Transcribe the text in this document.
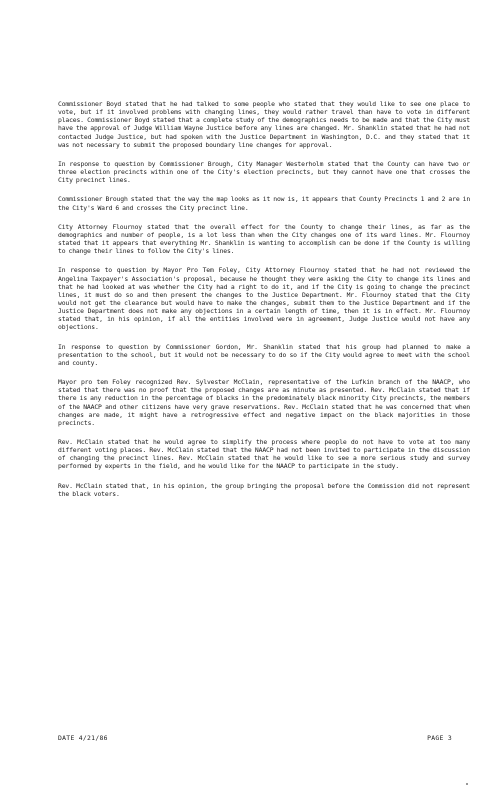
Commissioner Boyd stated that he had talked to some people who stated that they would like to see one place to vote, but if it involved problems with changing lines, they would rather travel than have to vote in different places. Commissioner Boyd stated that a complete study of the demographics needs to be made and that the City must have the approval of Judge William Wayne Justice before any lines are changed. Mr. Shanklin stated that he had not contacted Judge Justice, but had spoken with the Justice Department in Washington, D.C. and they stated that it was not necessary to submit the proposed boundary line changes for approval.

In response to question by Commissioner Brough, City Manager Westerholm stated that the County can have two or three election precincts within one of the City's election precincts, but they cannot have one that crosses the City precinct lines.

Commissioner Brough stated that the way the map looks as it now is, it appears that County Precincts 1 and 2 are in the City's Ward 6 and crosses the City precinct line.

City Attorney Flournoy stated that the overall effect for the County to change their lines, as far as the demographics and number of people, is a lot less than when the City changes one of its ward lines. Mr. Flournoy stated that it appears that everything Mr. Shanklin is wanting to accomplish can be done if the County is willing to change their lines to follow the City's lines.

In response to question by Mayor Pro Tem Foley, City Attorney Flournoy stated that he had not reviewed the Angelina Taxpayer's Association's proposal, because he thought they were asking the City to change its lines and that he had looked at was whether the City had a right to do it, and if the City is going to change the precinct lines, it must do so and then present the changes to the Justice Department. Mr. Flournoy stated that the City would not get the clearance but would have to make the changes, submit them to the Justice Department and if the Justice Department does not make any objections in a certain length of time, then it is in effect. Mr. Flournoy stated that, in his opinion, if all the entities involved were in agreement, Judge Justice would not have any objections.

In response to question by Commissioner Gordon, Mr. Shanklin stated that his group had planned to make a presentation to the school, but it would not be necessary to do so if the City would agree to meet with the school and county.

Mayor pro tem Foley recognized Rev. Sylvester McClain, representative of the Lufkin branch of the NAACP, who stated that there was no proof that the proposed changes are as minute as presented. Rev. McClain stated that if there is any reduction in the percentage of blacks in the predominately black minority City precincts, the members of the NAACP and other citizens have very grave reservations. Rev. McClain stated that he was concerned that when changes are made, it might have a retrogressive effect and negative impact on the black majorities in those precincts.

Rev. McClain stated that he would agree to simplify the process where people do not have to vote at too many different voting places. Rev. McClain stated that the NAACP had not been invited to participate in the discussion of changing the precinct lines. Rev. McClain stated that he would like to see a more serious study and survey performed by experts in the field, and he would like for the NAACP to participate in the study.

Rev. McClain stated that, in his opinion, the group bringing the proposal before the Commission did not represent the black voters.

DATE 4/21/86	PAGE 3
